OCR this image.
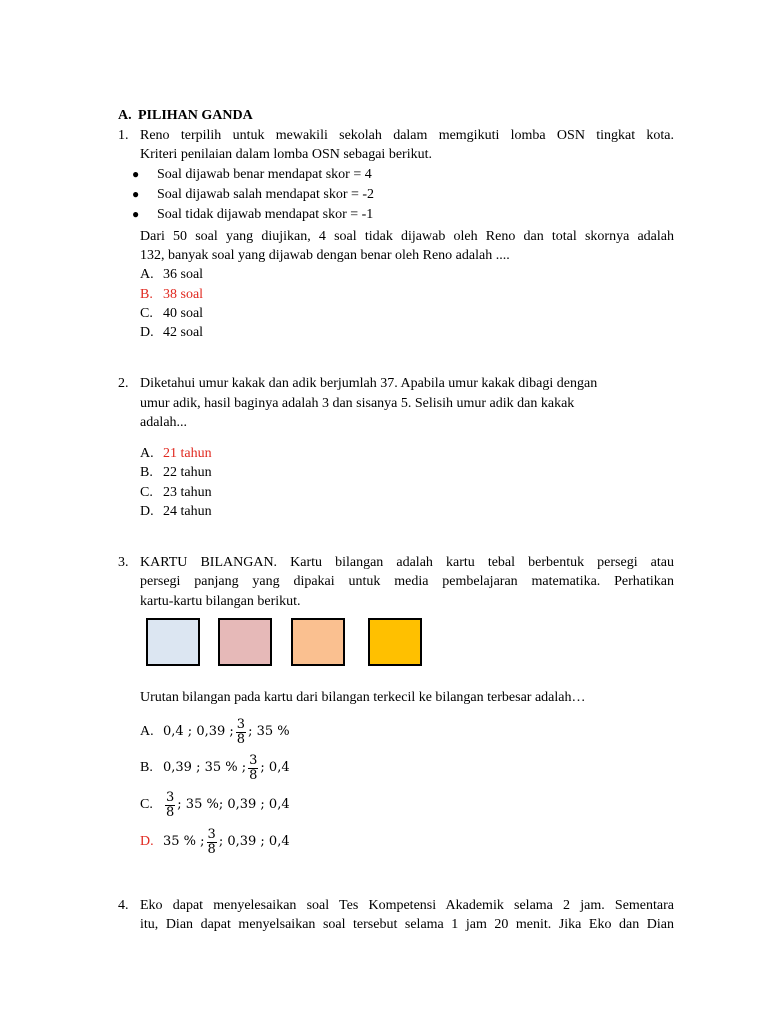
A. PILIHAN GANDA
1. Reno terpilih untuk mewakili sekolah dalam memgikuti lomba OSN tingkat kota.
Kriteri penilaian dalam lomba OSN sebagai berikut.
● Soal dijawab benar mendapat skor = 4
● Soal dijawab salah mendapat skor = -2
● Soal tidak dijawab mendapat skor = -1
Dari 50 soal yang diujikan, 4 soal tidak dijawab oleh Reno dan total skornya adalah
132, banyak soal yang dijawab dengan benar oleh Reno adalah ....
A. 36 soal
B. 38 soal
C. 40 soal
D. 42 soal
2. Diketahui umur kakak dan adik berjumlah 37. Apabila umur kakak dibagi dengan
umur adik, hasil baginya adalah 3 dan sisanya 5. Selisih umur adik dan kakak
adalah...
A. 21 tahun
B. 22 tahun
C. 23 tahun
D. 24 tahun
3. KARTU BILANGAN. Kartu bilangan adalah kartu tebal berbentuk persegi atau
persegi panjang yang dipakai untuk media pembelajaran matematika. Perhatikan
kartu-kartu bilangan berikut.
Urutan bilangan pada kartu dari bilangan terkecil ke bilangan terbesar adalah…
A. 0,4 ; 0,39 ; $\frac{3}{8}$ ; 35 %
B. 0,39 ; 35 % ; $\frac{3}{8}$ ; 0,4
C. $\frac{3}{8}$ ; 35 %; 0,39 ; 0,4
D. 35 % ; $\frac{3}{8}$ ; 0,39 ; 0,4
4. Eko dapat menyelesaikan soal Tes Kompetensi Akademik selama 2 jam. Sementara
itu, Dian dapat menyelsaikan soal tersebut selama 1 jam 20 menit. Jika Eko dan Dian
